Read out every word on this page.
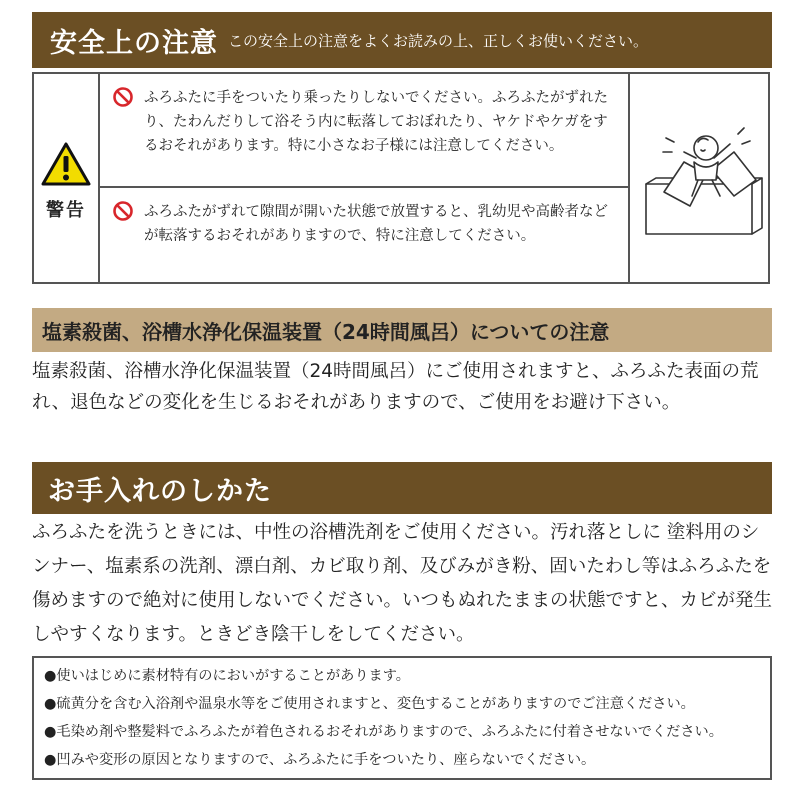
安全上の注意 この安全上の注意をよくお読みの上、正しくお使いください。
警告
ふろふたに手をついたり乗ったりしないでください。ふろふたがずれたり、たわんだりして浴そう内に転落しておぼれたり、ヤケドやケガをするおそれがあります。特に小さなお子様には注意してください。
ふろふたがずれて隙間が開いた状態で放置すると、乳幼児や高齢者などが転落するおそれがありますので、特に注意してください。
塩素殺菌、浴槽水浄化保温装置（24時間風呂）についての注意
塩素殺菌、浴槽水浄化保温装置（24時間風呂）にご使用されますと、ふろふた表面の荒れ、退色などの変化を生じるおそれがありますので、ご使用をお避け下さい。
お手入れのしかた
ふろふたを洗うときには、中性の浴槽洗剤をご使用ください。汚れ落としに 塗料用のシンナー、塩素系の洗剤、漂白剤、カビ取り剤、及びみがき粉、固いたわし等はふろふたを傷めますので絶対に使用しないでください。いつもぬれたままの状態ですと、カビが発生しやすくなります。ときどき陰干しをしてください。
●使いはじめに素材特有のにおいがすることがあります。
●硫黄分を含む入浴剤や温泉水等をご使用されますと、変色することがありますのでご注意ください。
●毛染め剤や整髪料でふろふたが着色されるおそれがありますので、ふろふたに付着させないでください。
●凹みや変形の原因となりますので、ふろふたに手をついたり、座らないでください。
